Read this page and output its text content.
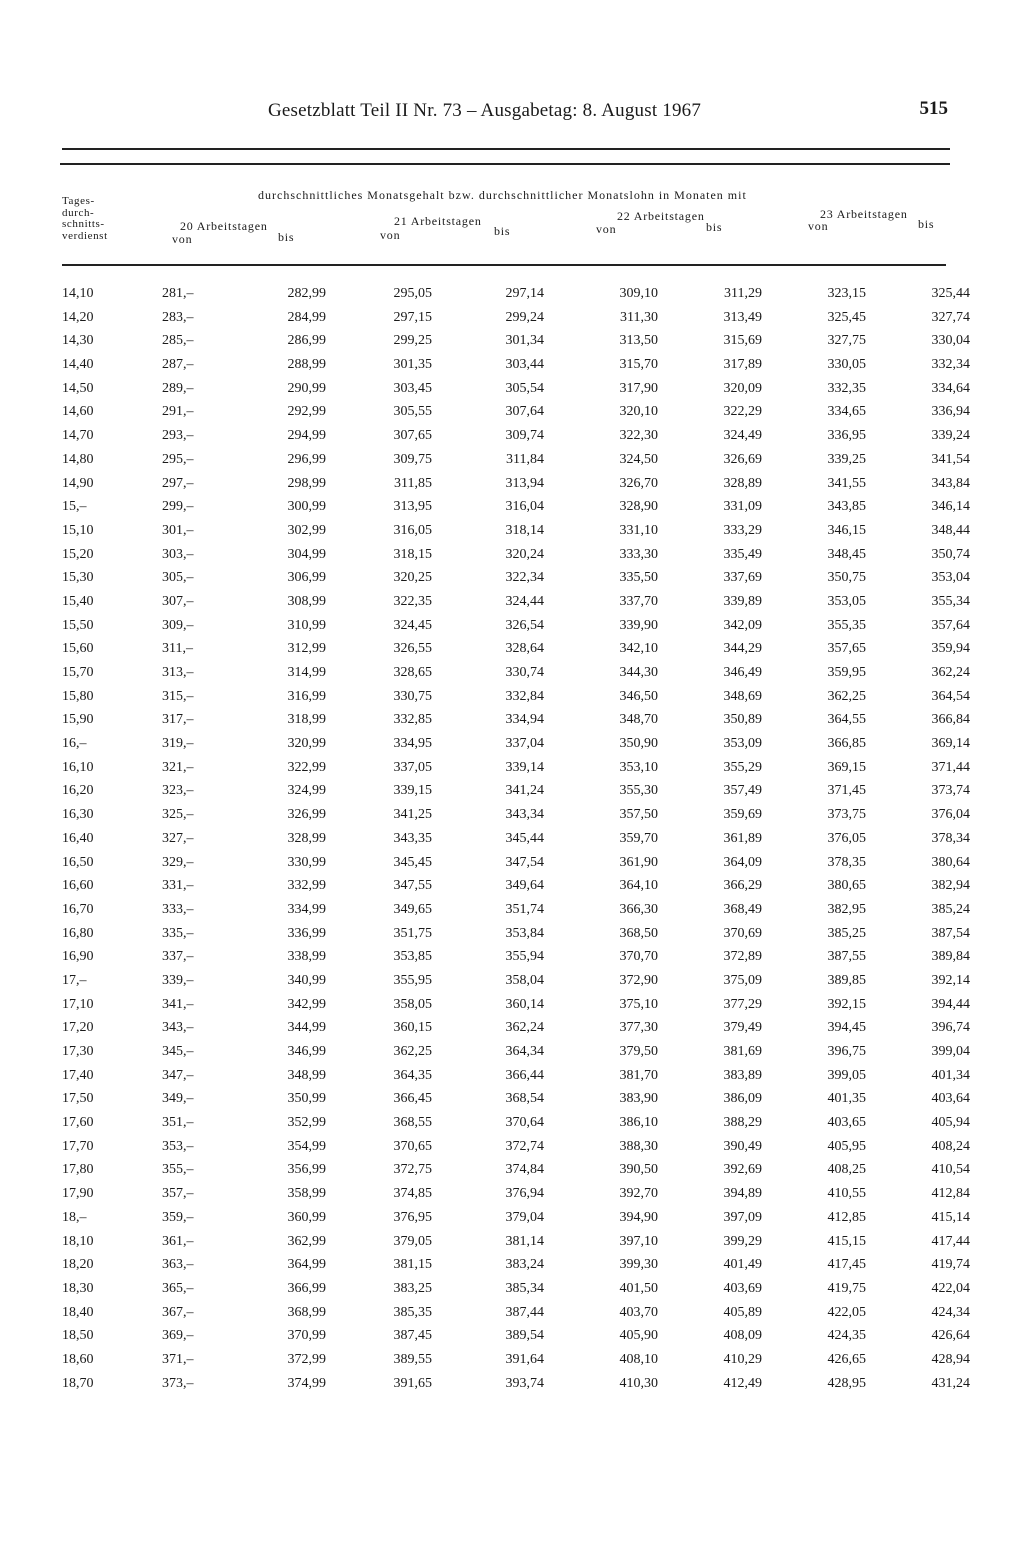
Gesetzblatt Teil II Nr. 73 – Ausgabetag: 8. August 1967	515
Tages-
durch-
schnitts-
verdienst
durchschnittliches Monatsgehalt bzw. durchschnittlicher Monatslohn in Monaten mit
20 Arbeitstagen
von	bis
21 Arbeitstagen
von	bis
22 Arbeitstagen
von	bis
23 Arbeitstagen
von	bis
14,10	281,–	282,99	295,05	297,14	309,10	311,29	323,15	325,44
14,20	283,–	284,99	297,15	299,24	311,30	313,49	325,45	327,74
14,30	285,–	286,99	299,25	301,34	313,50	315,69	327,75	330,04
14,40	287,–	288,99	301,35	303,44	315,70	317,89	330,05	332,34
14,50	289,–	290,99	303,45	305,54	317,90	320,09	332,35	334,64
14,60	291,–	292,99	305,55	307,64	320,10	322,29	334,65	336,94
14,70	293,–	294,99	307,65	309,74	322,30	324,49	336,95	339,24
14,80	295,–	296,99	309,75	311,84	324,50	326,69	339,25	341,54
14,90	297,–	298,99	311,85	313,94	326,70	328,89	341,55	343,84
15,–	299,–	300,99	313,95	316,04	328,90	331,09	343,85	346,14
15,10	301,–	302,99	316,05	318,14	331,10	333,29	346,15	348,44
15,20	303,–	304,99	318,15	320,24	333,30	335,49	348,45	350,74
15,30	305,–	306,99	320,25	322,34	335,50	337,69	350,75	353,04
15,40	307,–	308,99	322,35	324,44	337,70	339,89	353,05	355,34
15,50	309,–	310,99	324,45	326,54	339,90	342,09	355,35	357,64
15,60	311,–	312,99	326,55	328,64	342,10	344,29	357,65	359,94
15,70	313,–	314,99	328,65	330,74	344,30	346,49	359,95	362,24
15,80	315,–	316,99	330,75	332,84	346,50	348,69	362,25	364,54
15,90	317,–	318,99	332,85	334,94	348,70	350,89	364,55	366,84
16,–	319,–	320,99	334,95	337,04	350,90	353,09	366,85	369,14
16,10	321,–	322,99	337,05	339,14	353,10	355,29	369,15	371,44
16,20	323,–	324,99	339,15	341,24	355,30	357,49	371,45	373,74
16,30	325,–	326,99	341,25	343,34	357,50	359,69	373,75	376,04
16,40	327,–	328,99	343,35	345,44	359,70	361,89	376,05	378,34
16,50	329,–	330,99	345,45	347,54	361,90	364,09	378,35	380,64
16,60	331,–	332,99	347,55	349,64	364,10	366,29	380,65	382,94
16,70	333,–	334,99	349,65	351,74	366,30	368,49	382,95	385,24
16,80	335,–	336,99	351,75	353,84	368,50	370,69	385,25	387,54
16,90	337,–	338,99	353,85	355,94	370,70	372,89	387,55	389,84
17,–	339,–	340,99	355,95	358,04	372,90	375,09	389,85	392,14
17,10	341,–	342,99	358,05	360,14	375,10	377,29	392,15	394,44
17,20	343,–	344,99	360,15	362,24	377,30	379,49	394,45	396,74
17,30	345,–	346,99	362,25	364,34	379,50	381,69	396,75	399,04
17,40	347,–	348,99	364,35	366,44	381,70	383,89	399,05	401,34
17,50	349,–	350,99	366,45	368,54	383,90	386,09	401,35	403,64
17,60	351,–	352,99	368,55	370,64	386,10	388,29	403,65	405,94
17,70	353,–	354,99	370,65	372,74	388,30	390,49	405,95	408,24
17,80	355,–	356,99	372,75	374,84	390,50	392,69	408,25	410,54
17,90	357,–	358,99	374,85	376,94	392,70	394,89	410,55	412,84
18,–	359,–	360,99	376,95	379,04	394,90	397,09	412,85	415,14
18,10	361,–	362,99	379,05	381,14	397,10	399,29	415,15	417,44
18,20	363,–	364,99	381,15	383,24	399,30	401,49	417,45	419,74
18,30	365,–	366,99	383,25	385,34	401,50	403,69	419,75	422,04
18,40	367,–	368,99	385,35	387,44	403,70	405,89	422,05	424,34
18,50	369,–	370,99	387,45	389,54	405,90	408,09	424,35	426,64
18,60	371,–	372,99	389,55	391,64	408,10	410,29	426,65	428,94
18,70	373,–	374,99	391,65	393,74	410,30	412,49	428,95	431,24
